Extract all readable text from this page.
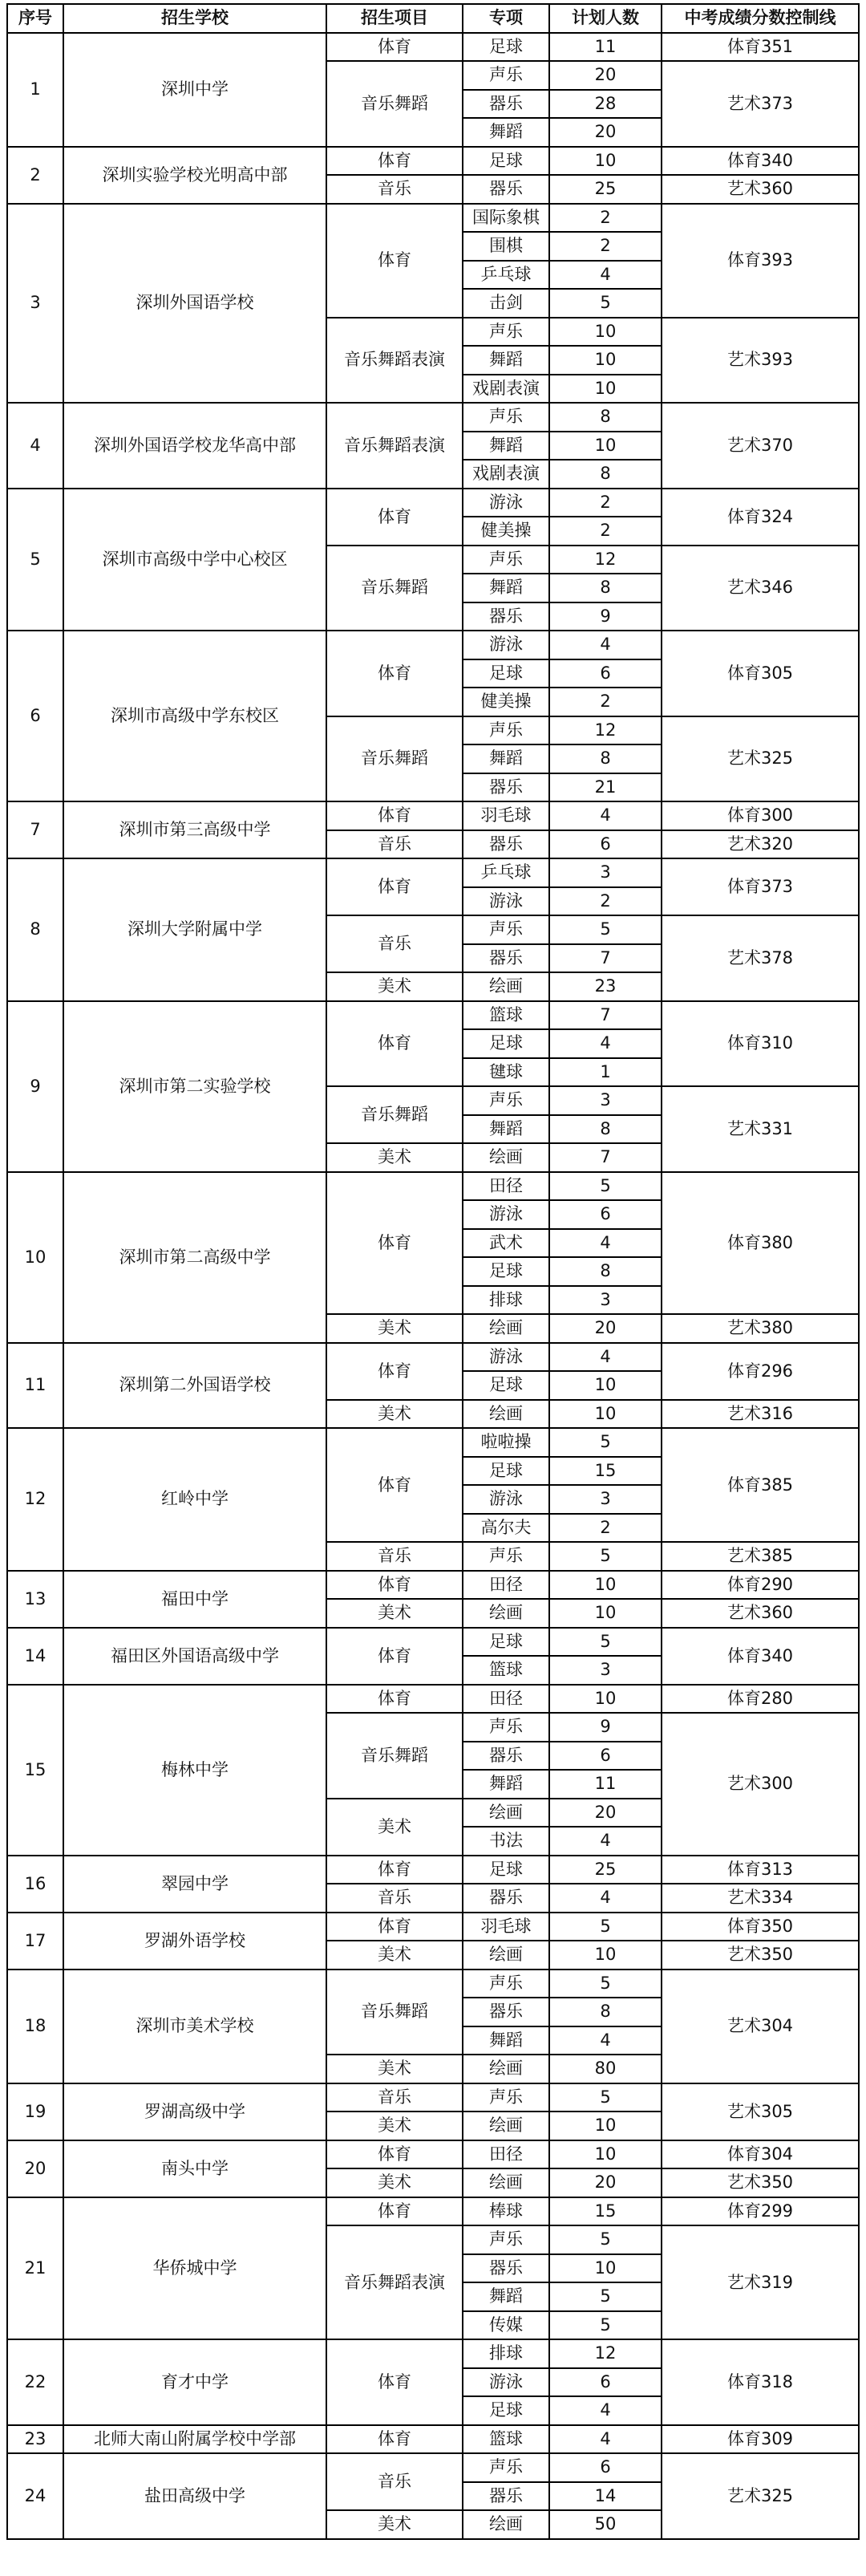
序号	招生学校	招生项目	专项	计划人数	中考成绩分数控制线
1	深圳中学	体育	足球	11	体育351
		音乐舞蹈	声乐	20	艺术373
			器乐	28	
			舞蹈	20	
2	深圳实验学校光明高中部	体育	足球	10	体育340
		音乐	器乐	25	艺术360
3	深圳外国语学校	体育	国际象棋	2	体育393
			围棋	2	
			乒乓球	4	
			击剑	5	
		音乐舞蹈表演	声乐	10	艺术393
			舞蹈	10	
			戏剧表演	10	
4	深圳外国语学校龙华高中部	音乐舞蹈表演	声乐	8	艺术370
			舞蹈	10	
			戏剧表演	8	
5	深圳市高级中学中心校区	体育	游泳	2	体育324
			健美操	2	
		音乐舞蹈	声乐	12	艺术346
			舞蹈	8	
			器乐	9	
6	深圳市高级中学东校区	体育	游泳	4	体育305
			足球	6	
			健美操	2	
		音乐舞蹈	声乐	12	艺术325
			舞蹈	8	
			器乐	21	
7	深圳市第三高级中学	体育	羽毛球	4	体育300
		音乐	器乐	6	艺术320
8	深圳大学附属中学	体育	乒乓球	3	体育373
			游泳	2	
		音乐	声乐	5	艺术378
			器乐	7	
		美术	绘画	23	
9	深圳市第二实验学校	体育	篮球	7	体育310
			足球	4	
			毽球	1	
		音乐舞蹈	声乐	3	艺术331
			舞蹈	8	
		美术	绘画	7	
10	深圳市第二高级中学	体育	田径	5	体育380
			游泳	6	
			武术	4	
			足球	8	
			排球	3	
		美术	绘画	20	艺术380
11	深圳第二外国语学校	体育	游泳	4	体育296
			足球	10	
		美术	绘画	10	艺术316
12	红岭中学	体育	啦啦操	5	体育385
			足球	15	
			游泳	3	
			高尔夫	2	
		音乐	声乐	5	艺术385
13	福田中学	体育	田径	10	体育290
		美术	绘画	10	艺术360
14	福田区外国语高级中学	体育	足球	5	体育340
			篮球	3	
15	梅林中学	体育	田径	10	体育280
		音乐舞蹈	声乐	9	艺术300
			器乐	6	
			舞蹈	11	
		美术	绘画	20	
			书法	4	
16	翠园中学	体育	足球	25	体育313
		音乐	器乐	4	艺术334
17	罗湖外语学校	体育	羽毛球	5	体育350
		美术	绘画	10	艺术350
18	深圳市美术学校	音乐舞蹈	声乐	5	艺术304
			器乐	8	
			舞蹈	4	
		美术	绘画	80	
19	罗湖高级中学	音乐	声乐	5	艺术305
		美术	绘画	10	
20	南头中学	体育	田径	10	体育304
		美术	绘画	20	艺术350
21	华侨城中学	体育	棒球	15	体育299
		音乐舞蹈表演	声乐	5	艺术319
			器乐	10	
			舞蹈	5	
			传媒	5	
22	育才中学	体育	排球	12	体育318
			游泳	6	
			足球	4	
23	北师大南山附属学校中学部	体育	篮球	4	体育309
24	盐田高级中学	音乐	声乐	6	艺术325
			器乐	14	
		美术	绘画	50	
